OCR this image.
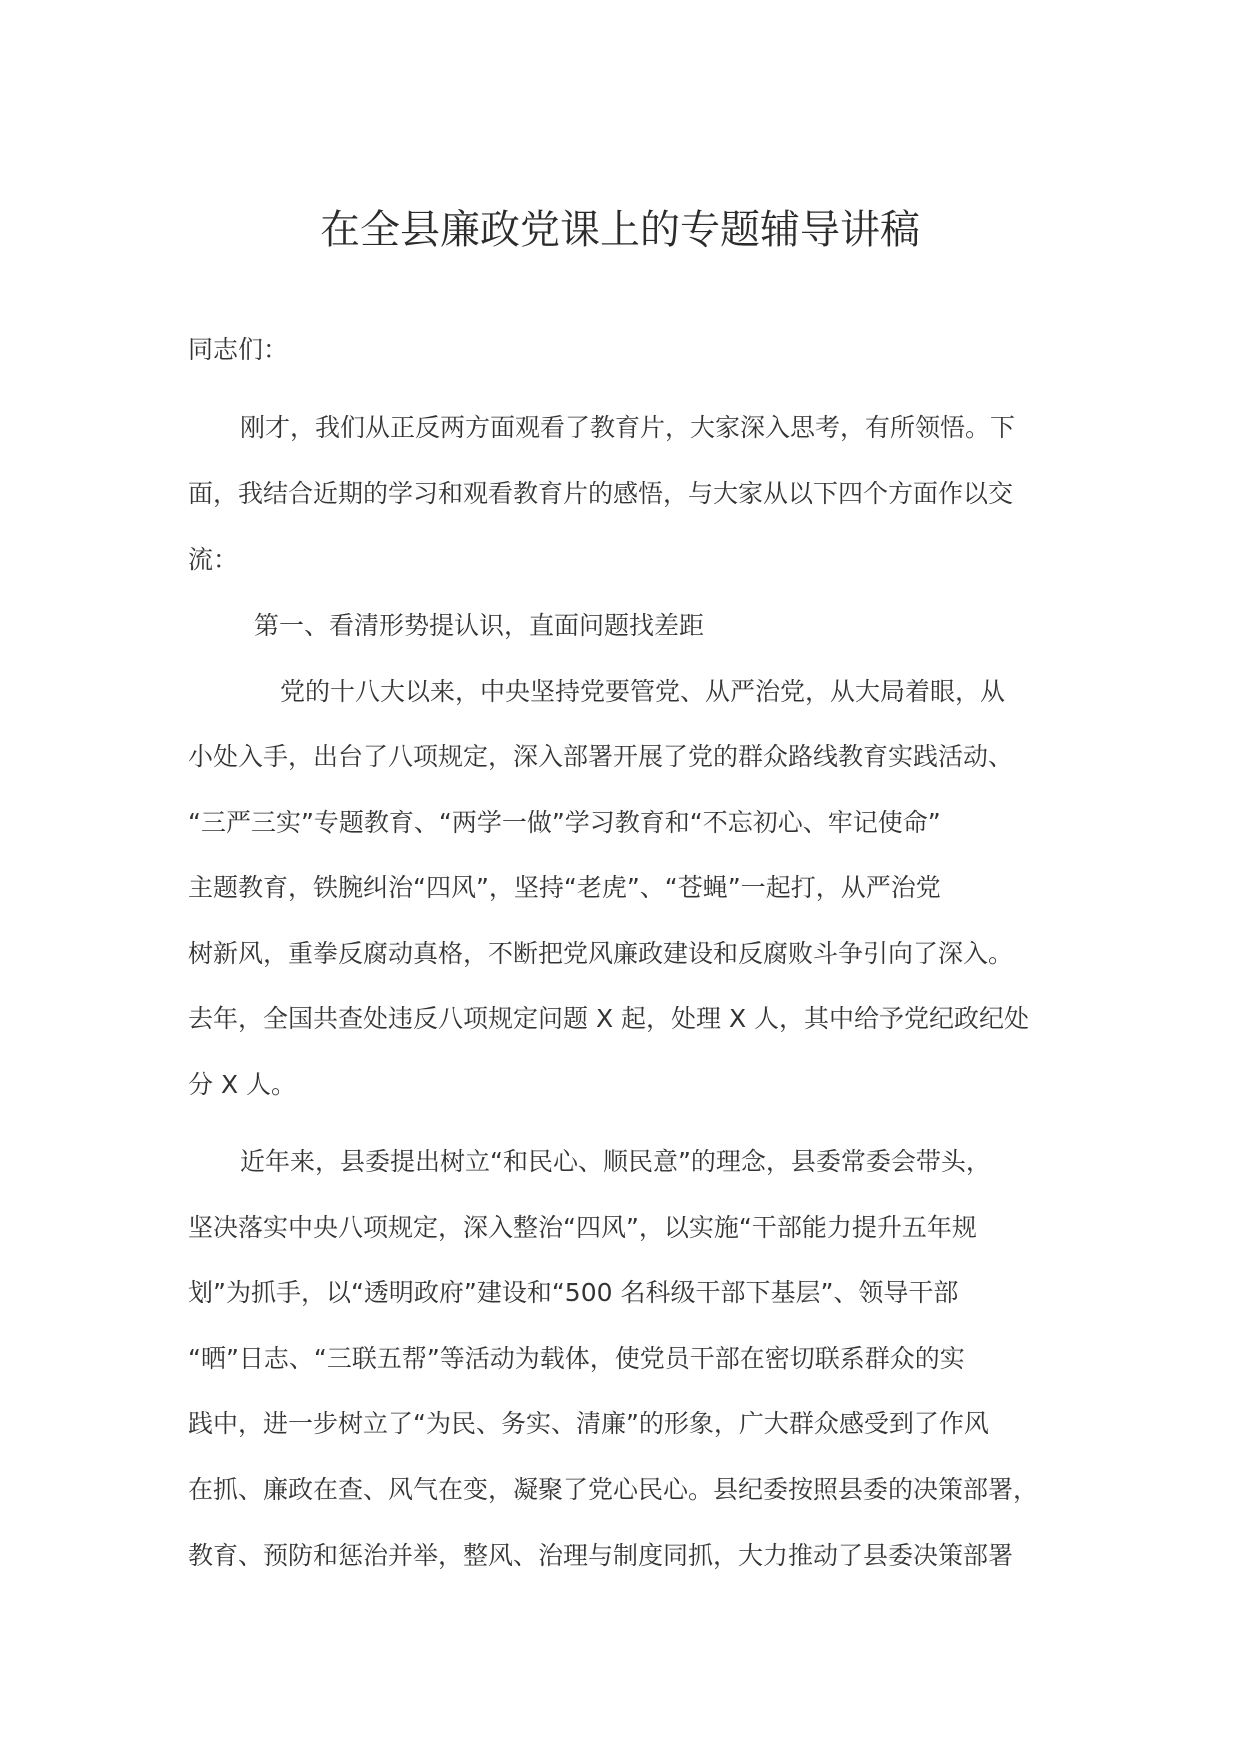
在全县廉政党课上的专题辅导讲稿

同志们：

刚才，我们从正反两方面观看了教育片，大家深入思考，有所领悟。下

面，我结合近期的学习和观看教育片的感悟，与大家从以下四个方面作以交

流：

第一、看清形势提认识，直面问题找差距

党的十八大以来，中央坚持党要管党、从严治党，从大局着眼，从

小处入手，出台了八项规定，深入部署开展了党的群众路线教育实践活动、

“三严三实”专题教育、“两学一做”学习教育和“不忘初心、牢记使命”

主题教育，铁腕纠治“四风”，坚持“老虎”、“苍蝇”一起打，从严治党

树新风，重拳反腐动真格，不断把党风廉政建设和反腐败斗争引向了深入。

去年，全国共查处违反八项规定问题 X 起，处理 X 人，其中给予党纪政纪处

分 X 人。

近年来，县委提出树立“和民心、顺民意”的理念，县委常委会带头，

坚决落实中央八项规定，深入整治“四风”，以实施“干部能力提升五年规

划”为抓手，以“透明政府”建设和“500 名科级干部下基层”、领导干部

“晒”日志、“三联五帮”等活动为载体，使党员干部在密切联系群众的实

践中，进一步树立了“为民、务实、清廉”的形象，广大群众感受到了作风

在抓、廉政在查、风气在变，凝聚了党心民心。县纪委按照县委的决策部署，

教育、预防和惩治并举，整风、治理与制度同抓，大力推动了县委决策部署
